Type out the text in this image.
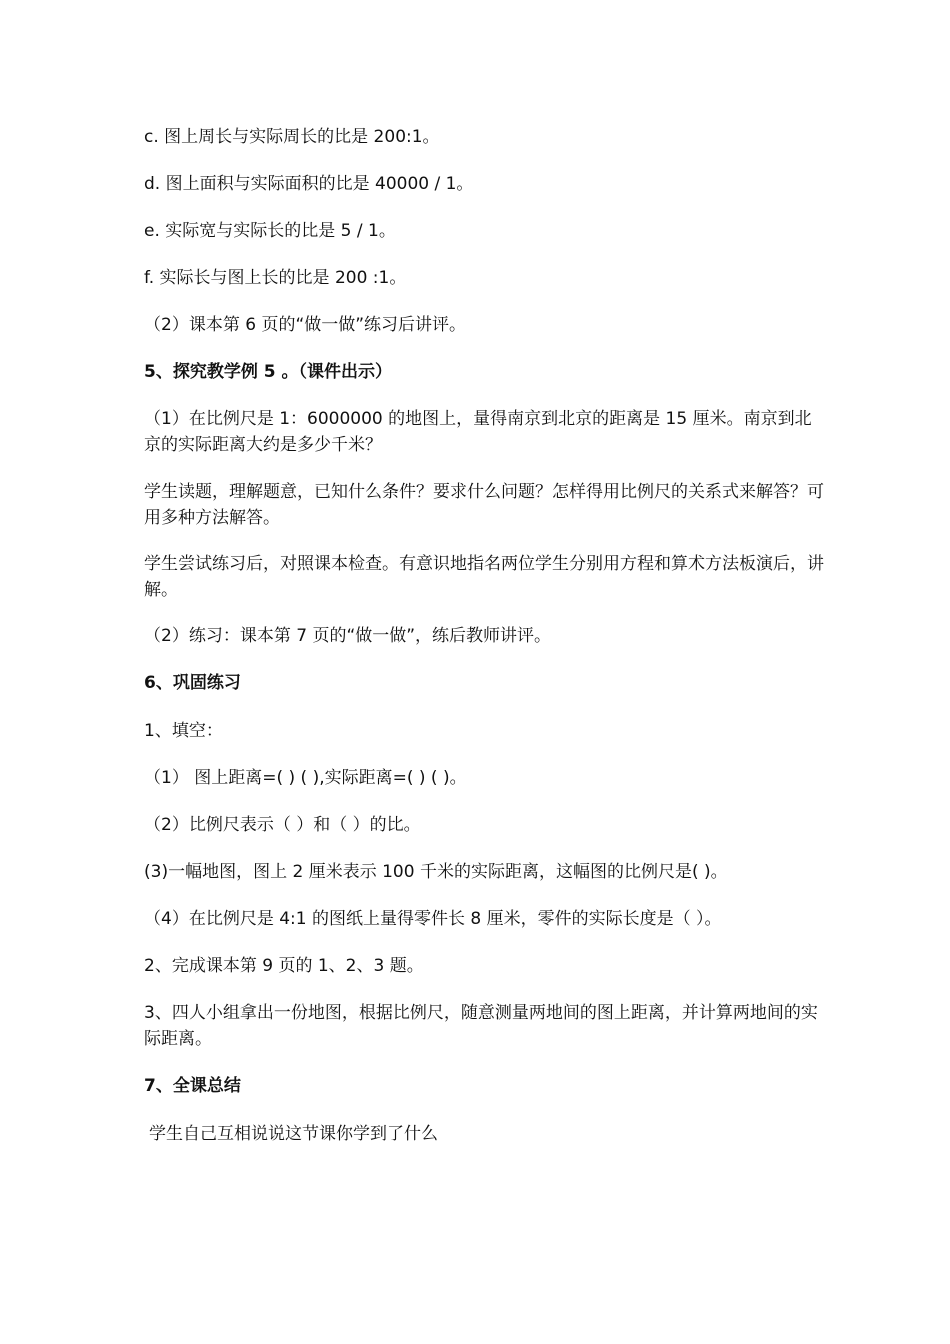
c. 图上周长与实际周长的比是 200:1。
d. 图上面积与实际面积的比是 40000 / 1。
e. 实际宽与实际长的比是 5 / 1。
f. 实际长与图上长的比是 200 :1。
（2）课本第 6 页的“做一做”练习后讲评。
5、探究教学例 5 。（课件出示）
（1）在比例尺是 1：6000000 的地图上，量得南京到北京的距离是 15 厘米。南京到北京的实际距离大约是多少千米？
学生读题，理解题意，已知什么条件？要求什么问题？怎样得用比例尺的关系式来解答？可用多种方法解答。
学生尝试练习后，对照课本检查。有意识地指名两位学生分别用方程和算术方法板演后，讲解。
（2）练习：课本第 7 页的“做一做”，练后教师讲评。
6、巩固练习
1、填空：
（1） 图上距离=( ) ( ),实际距离=( ) ( )。
（2）比例尺表示（ ）和（ ）的比。
(3)一幅地图，图上 2 厘米表示 100 千米的实际距离，这幅图的比例尺是( )。
（4）在比例尺是 4:1 的图纸上量得零件长 8 厘米，零件的实际长度是（ ）。
2、完成课本第 9 页的 1、2、3 题。
3、四人小组拿出一份地图，根据比例尺，随意测量两地间的图上距离，并计算两地间的实际距离。
7、全课总结
学生自己互相说说这节课你学到了什么
